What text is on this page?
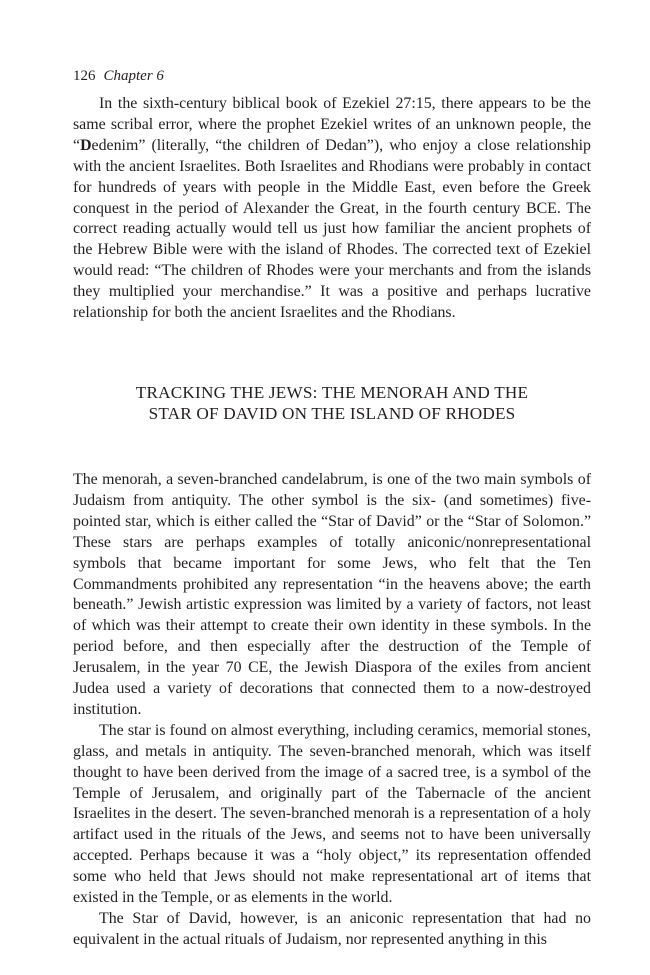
126 Chapter 6

In the sixth-century biblical book of Ezekiel 27:15, there appears to be the same scribal error, where the prophet Ezekiel writes of an unknown people, the “Dedenim” (literally, “the children of Dedan”), who enjoy a close relationship with the ancient Israelites. Both Israelites and Rhodians were probably in contact for hundreds of years with people in the Middle East, even before the Greek conquest in the period of Alexander the Great, in the fourth century BCE. The correct reading actually would tell us just how familiar the ancient prophets of the Hebrew Bible were with the island of Rhodes. The corrected text of Ezekiel would read: “The children of Rhodes were your merchants and from the islands they multiplied your merchandise.” It was a positive and perhaps lucrative relationship for both the ancient Israelites and the Rhodians.

TRACKING THE JEWS: THE MENORAH AND THE
STAR OF DAVID ON THE ISLAND OF RHODES

The menorah, a seven-branched candelabrum, is one of the two main symbols of Judaism from antiquity. The other symbol is the six- (and sometimes) five-pointed star, which is either called the “Star of David” or the “Star of Solomon.” These stars are perhaps examples of totally aniconic/nonrepresentational symbols that became important for some Jews, who felt that the Ten Commandments prohibited any representation “in the heavens above; the earth beneath.” Jewish artistic expression was limited by a variety of factors, not least of which was their attempt to create their own identity in these symbols. In the period before, and then especially after the destruction of the Temple of Jerusalem, in the year 70 CE, the Jewish Diaspora of the exiles from ancient Judea used a variety of decorations that connected them to a now-destroyed institution.

The star is found on almost everything, including ceramics, memorial stones, glass, and metals in antiquity. The seven-branched menorah, which was itself thought to have been derived from the image of a sacred tree, is a symbol of the Temple of Jerusalem, and originally part of the Tabernacle of the ancient Israelites in the desert. The seven-branched menorah is a representation of a holy artifact used in the rituals of the Jews, and seems not to have been universally accepted. Perhaps because it was a “holy object,” its representation offended some who held that Jews should not make representational art of items that existed in the Temple, or as elements in the world.

The Star of David, however, is an aniconic representation that had no equivalent in the actual rituals of Judaism, nor represented anything in this
